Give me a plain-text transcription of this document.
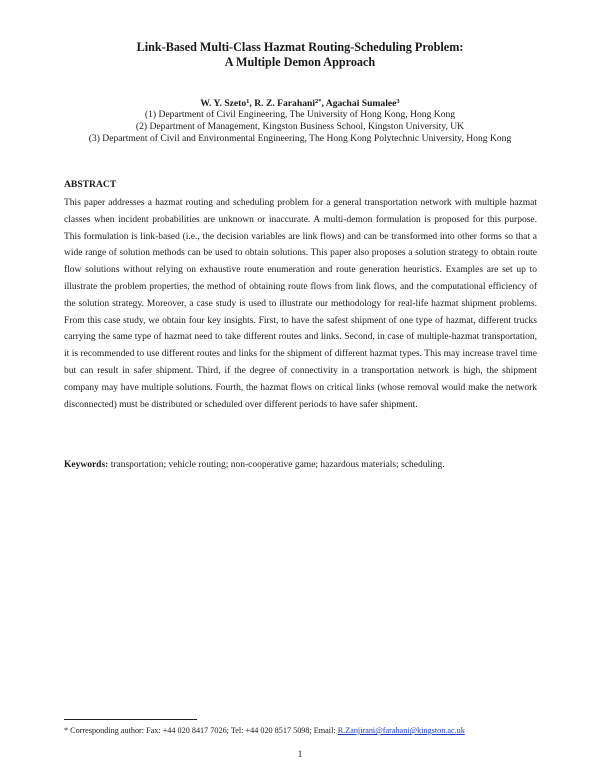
Link-Based Multi-Class Hazmat Routing-Scheduling Problem:
A Multiple Demon Approach
W. Y. Szeto$^1$, R. Z. Farahani$^{2*}$, Agachai Sumalee$^3$
(1) Department of Civil Engineering, The University of Hong Kong, Hong Kong
(2) Department of Management, Kingston Business School, Kingston University, UK
(3) Department of Civil and Environmental Engineering, The Hong Kong Polytechnic University, Hong Kong
ABSTRACT
This paper addresses a hazmat routing and scheduling problem for a general transportation network with multiple hazmat classes when incident probabilities are unknown or inaccurate. A multi-demon formulation is proposed for this purpose. This formulation is link-based (i.e., the decision variables are link flows) and can be transformed into other forms so that a wide range of solution methods can be used to obtain solutions. This paper also proposes a solution strategy to obtain route flow solutions without relying on exhaustive route enumeration and route generation heuristics. Examples are set up to illustrate the problem properties, the method of obtaining route flows from link flows, and the computational efficiency of the solution strategy. Moreover, a case study is used to illustrate our methodology for real-life hazmat shipment problems. From this case study, we obtain four key insights. First, to have the safest shipment of one type of hazmat, different trucks carrying the same type of hazmat need to take different routes and links. Second, in case of multiple-hazmat transportation, it is recommended to use different routes and links for the shipment of different hazmat types. This may increase travel time but can result in safer shipment. Third, if the degree of connectivity in a transportation network is high, the shipment company may have multiple solutions. Fourth, the hazmat flows on critical links (whose removal would make the network disconnected) must be distributed or scheduled over different periods to have safer shipment.
Keywords: transportation; vehicle routing; non-cooperative game; hazardous materials; scheduling.
* Corresponding author: Fax: +44 020 8417 7026; Tel: +44 020 8517 5098; Email: R.Zanjirani@farahani@kingston.ac.uk
1
